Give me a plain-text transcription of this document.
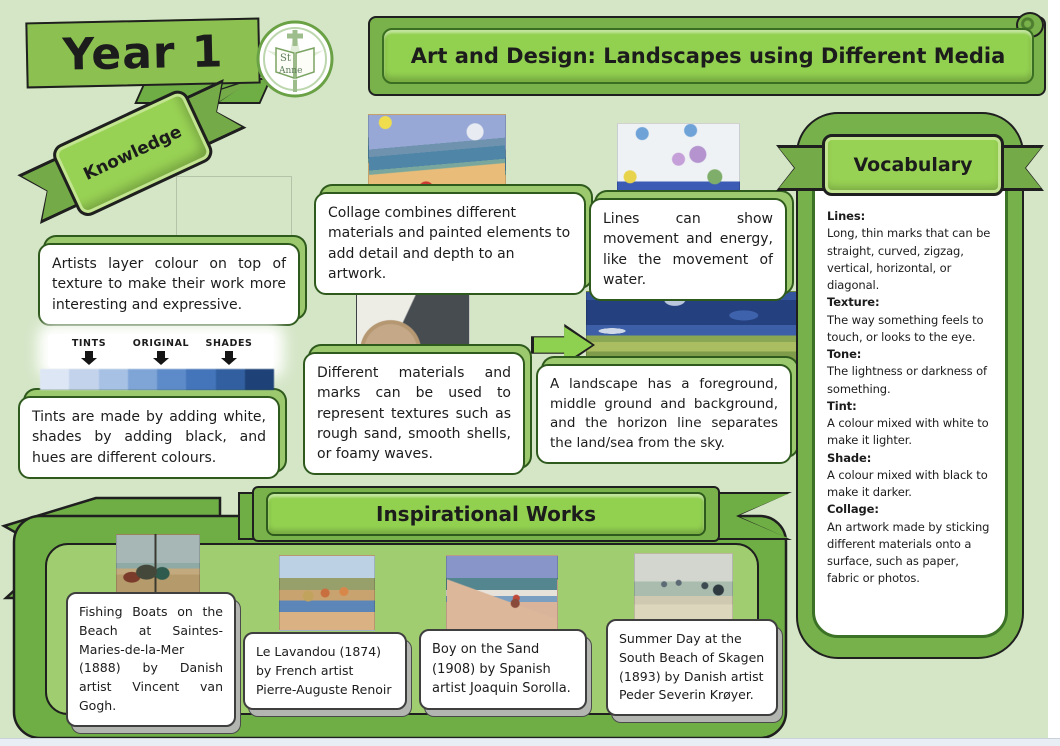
Inspirational Works
Year 1	St
Anne
Art and Design: Landscapes using Different Media
Knowledge

Artists layer colour on top of texture to make their work more interesting and expressive.

Collage combines different materials and painted elements to add detail and depth to an artwork.

Lines can show movement and energy, like the movement of water.

Tints are made by adding white, shades by adding black, and hues are different colours.

Different materials and marks can be used to represent textures such as rough sand, smooth shells, or foamy waves.

A landscape has a foreground, middle ground and background, and the horizon line separates the land/sea from the sky.

TINTS	ORIGINAL	SHADES
Vocabulary
Lines:
Long, thin marks that can be straight, curved, zigzag, vertical, horizontal, or diagonal.
Texture:
The way something feels to touch, or looks to the eye.
Tone:
The lightness or darkness of something.
Tint:
A colour mixed with white to make it lighter.
Shade:
A colour mixed with black to make it darker.
Collage:
An artwork made by sticking different materials onto a surface, such as paper, fabric or photos.

Fishing Boats on the Beach at Saintes-Maries-de-la-Mer (1888) by Danish artist Vincent van Gogh.

Le Lavandou (1874) by French artist Pierre-Auguste Renoir

Boy on the Sand (1908) by Spanish artist Joaquin Sorolla.

Summer Day at the South Beach of Skagen (1893) by Danish artist Peder Severin Krøyer.
